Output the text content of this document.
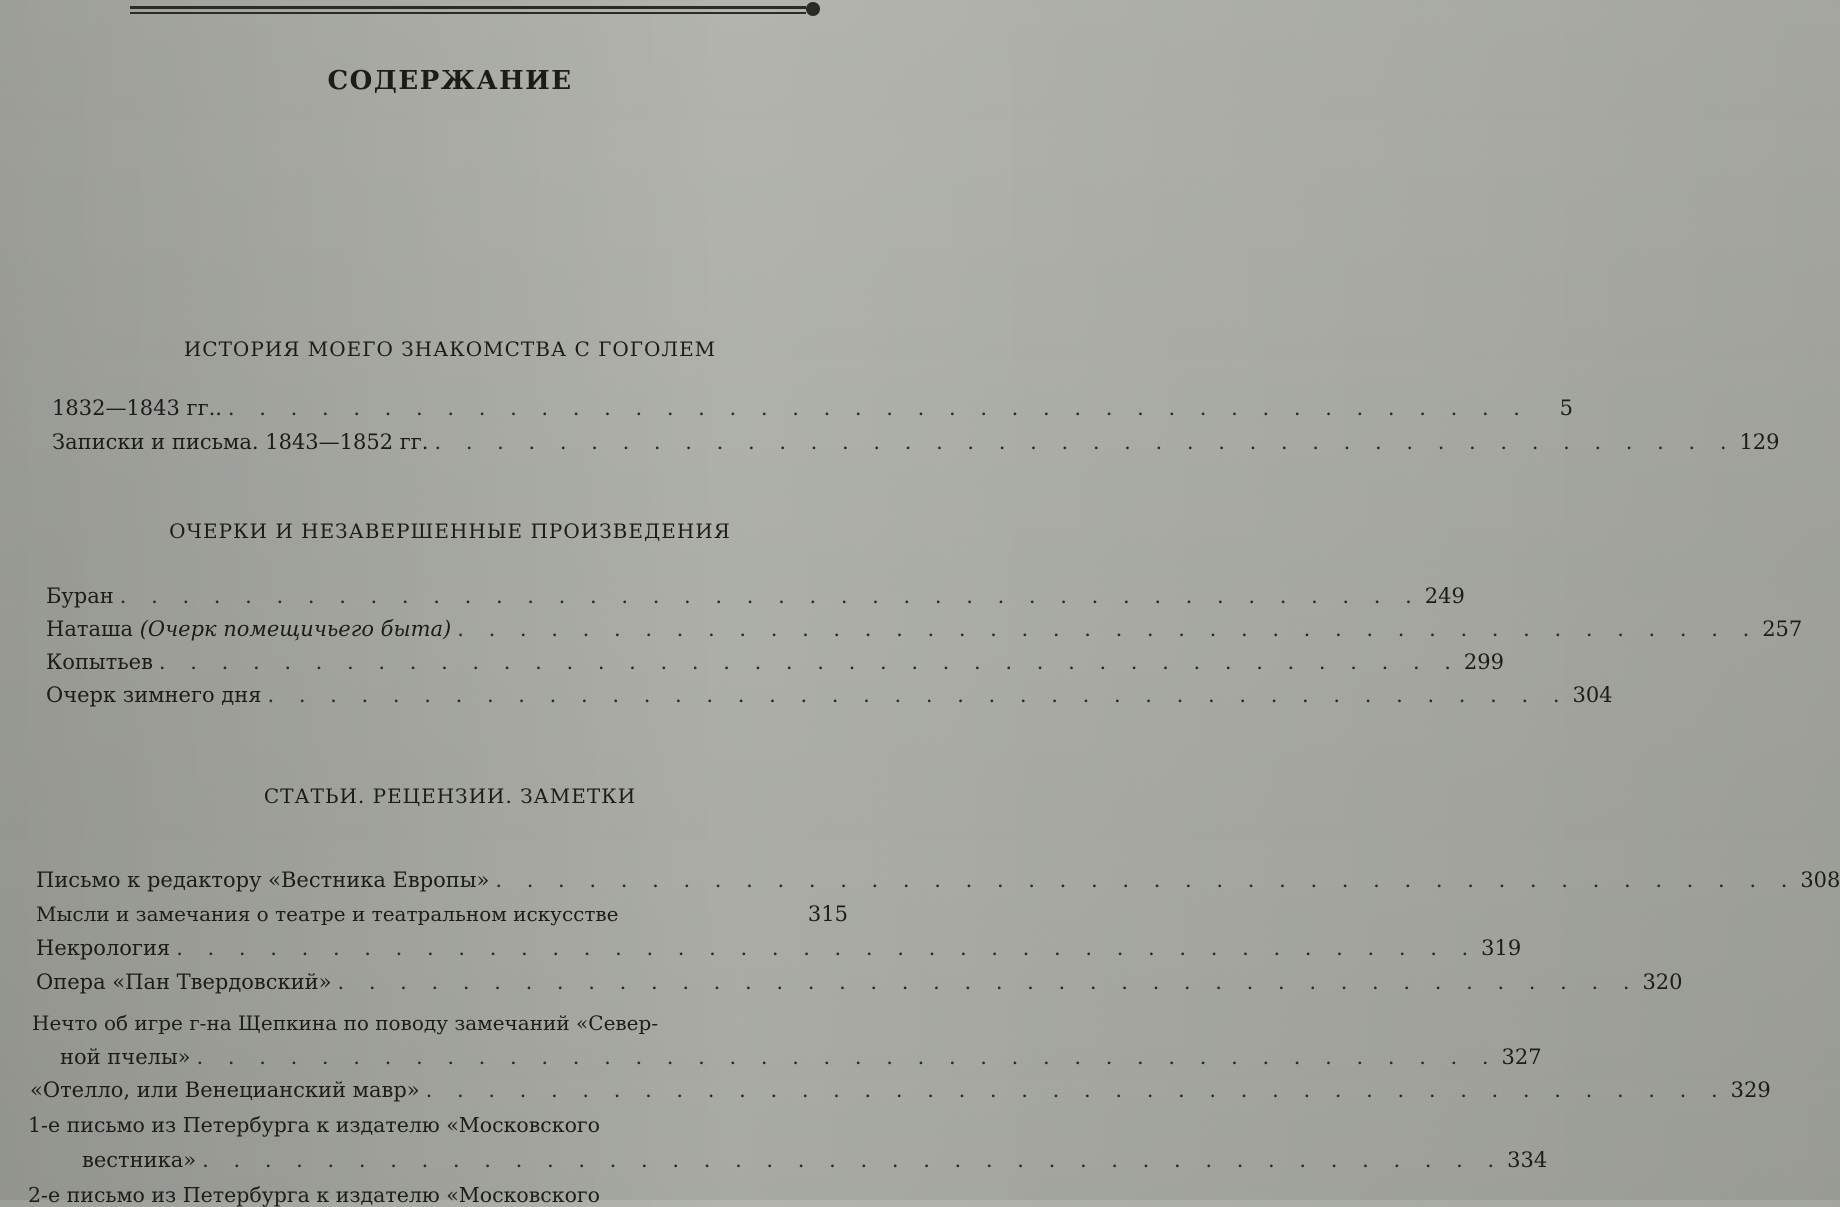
СОДЕРЖАНИЕ
ИСТОРИЯ МОЕГО ЗНАКОМСТВА С ГОГОЛЕМ
1832—1843 гг.. . . . . . . . . . . . . . . . . . . . . . . . . . . . . . . . . . . . . . . . . . .	5
Записки и письма. 1843—1852 гг. . . . . . . . . . . . . . . . . . . . . . . . . . . . . . . . . . . . . . . . . . . 129
ОЧЕРКИ И НЕЗАВЕРШЕННЫЕ ПРОИЗВЕДЕНИЯ
Буран . . . . . . . . . . . . . . . . . . . . . . . . . . . . . . . . . . . . . . . . . . 249
Наташа (Очерк помещичьего быта) . . . . . . . . . . . . . . . . . . . . . . . . . . . . . . . . . . . . . . . . . . 257
Копытьев . . . . . . . . . . . . . . . . . . . . . . . . . . . . . . . . . . . . . . . . . . 299
Очерк зимнего дня . . . . . . . . . . . . . . . . . . . . . . . . . . . . . . . . . . . . . . . . . . 304
СТАТЬИ. РЕЦЕНЗИИ. ЗАМЕТКИ
Письмо к редактору «Вестника Европы» . . . . . . . . . . . . . . . . . . . . . . . . . . . . . . . . . . . . . . . . . . 308
Мысли и замечания о театре и театральном искусстве	315
Некрология . . . . . . . . . . . . . . . . . . . . . . . . . . . . . . . . . . . . . . . . . . 319
Опера «Пан Твердовский» . . . . . . . . . . . . . . . . . . . . . . . . . . . . . . . . . . . . . . . . . . 320
Нечто об игре г-на Щепкина по поводу замечаний «Север-
ной пчелы» . . . . . . . . . . . . . . . . . . . . . . . . . . . . . . . . . . . . . . . . . . 327
«Отелло, или Венецианский мавр» . . . . . . . . . . . . . . . . . . . . . . . . . . . . . . . . . . . . . . . . . . 329
1-е письмо из Петербурга к издателю «Московского
вестника» . . . . . . . . . . . . . . . . . . . . . . . . . . . . . . . . . . . . . . . . . . 334
2-е письмо из Петербурга к издателю «Московского
